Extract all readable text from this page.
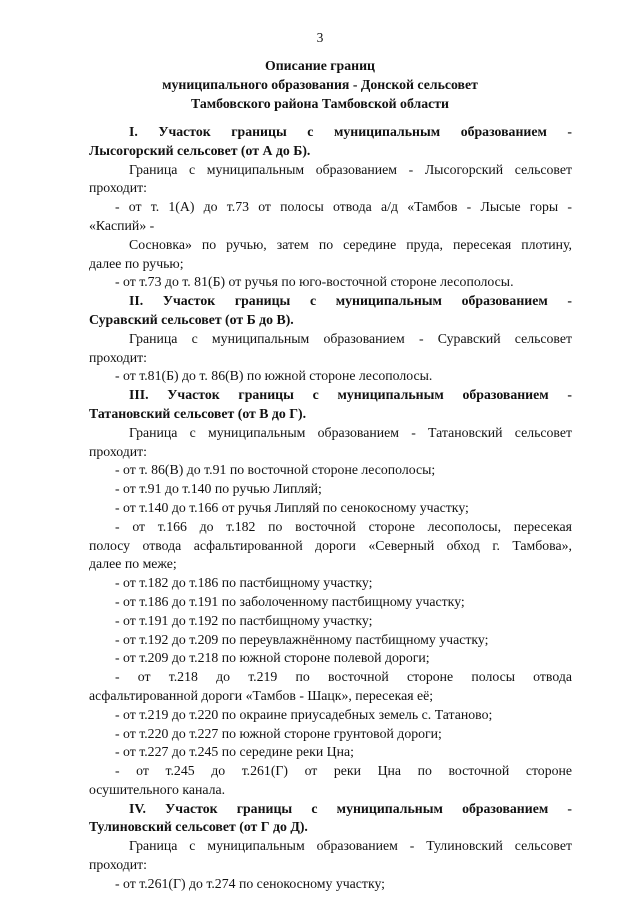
3
Описание границ
муниципального образования - Донской сельсовет
Тамбовского района Тамбовской области

I. Участок границы с муниципальным образованием -

Лысогорский сельсовет (от А до Б).

Граница с муниципальным образованием - Лысогорский сельсовет

проходит:

- от т. 1(А) до т.73 от полосы отвода а/д «Тамбов - Лысые горы -

«Каспий» -

Сосновка» по ручью, затем по середине пруда, пересекая плотину,

далее по ручью;

- от т.73 до т. 81(Б) от ручья по юго-восточной стороне лесополосы.

II. Участок границы с муниципальным образованием -

Суравский сельсовет (от Б до В).

Граница с муниципальным образованием - Суравский сельсовет

проходит:

- от т.81(Б) до т. 86(В) по южной стороне лесополосы.

III. Участок границы с муниципальным образованием -

Татановский сельсовет (от В до Г).

Граница с муниципальным образованием - Татановский сельсовет

проходит:

- от т. 86(В) до т.91 по восточной стороне лесополосы;

- от т.91 до т.140 по ручью Липляй;

- от т.140 до т.166 от ручья Липляй по сенокосному участку;

- от т.166 до т.182 по восточной стороне лесополосы, пересекая

полосу отвода асфальтированной дороги «Северный обход г. Тамбова»,

далее по меже;

- от т.182 до т.186 по пастбищному участку;

- от т.186 до т.191 по заболоченному пастбищному участку;

- от т.191 до т.192 по пастбищному участку;

- от т.192 до т.209 по переувлажнённому пастбищному участку;

- от т.209 до т.218 по южной стороне полевой дороги;

- от т.218 до т.219 по восточной стороне полосы отвода

асфальтированной дороги «Тамбов - Шацк», пересекая её;

- от т.219 до т.220 по окраине приусадебных земель с. Татаново;

- от т.220 до т.227 по южной стороне грунтовой дороги;

- от т.227 до т.245 по середине реки Цна;

- от т.245 до т.261(Г) от реки Цна по восточной стороне

осушительного канала.

IV. Участок границы с муниципальным образованием -

Тулиновский сельсовет (от Г до Д).

Граница с муниципальным образованием - Тулиновский сельсовет

проходит:

- от т.261(Г) до т.274 по сенокосному участку;
